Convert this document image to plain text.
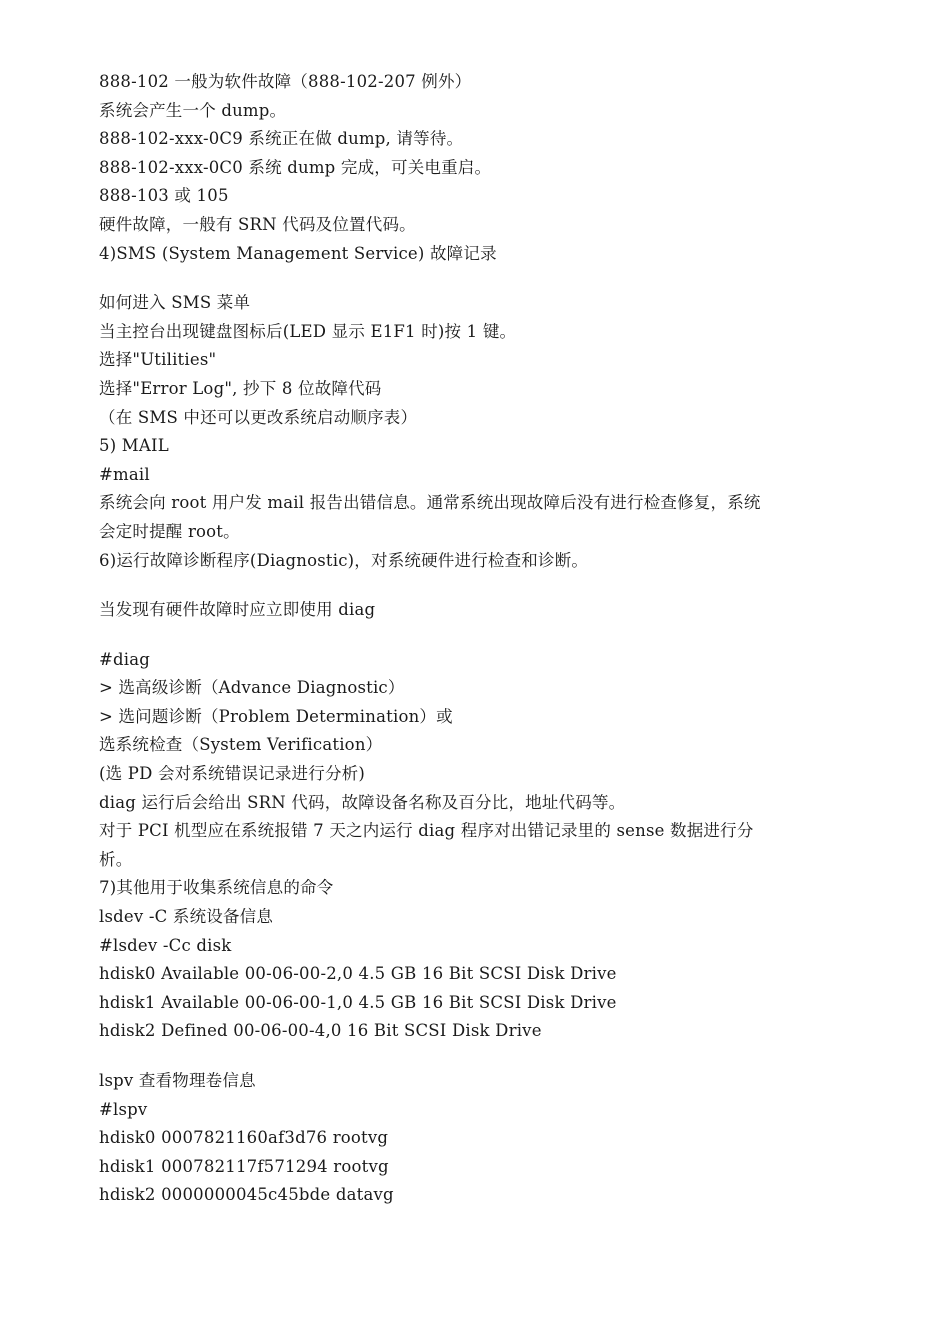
888-102 一般为软件故障（888-102-207 例外）
系统会产生一个 dump。
888-102-xxx-0C9 系统正在做 dump, 请等待。
888-102-xxx-0C0 系统 dump 完成，可关电重启。
888-103 或 105
硬件故障，一般有 SRN 代码及位置代码。
4)SMS (System Management Service) 故障记录
如何进入 SMS 菜单
当主控台出现键盘图标后(LED 显示 E1F1 时)按 1 键。
选择"Utilities"
选择"Error Log", 抄下 8 位故障代码
（在 SMS 中还可以更改系统启动顺序表）
5) MAIL
#mail
系统会向 root 用户发 mail 报告出错信息。通常系统出现故障后没有进行检查修复，系统
会定时提醒 root。
6)运行故障诊断程序(Diagnostic)，对系统硬件进行检查和诊断。
当发现有硬件故障时应立即使用 diag
#diag
> 选高级诊断（Advance Diagnostic）
> 选问题诊断（Problem Determination）或
选系统检查（System Verification）
(选 PD 会对系统错误记录进行分析)
diag 运行后会给出 SRN 代码，故障设备名称及百分比，地址代码等。
对于 PCI 机型应在系统报错 7 天之内运行 diag 程序对出错记录里的 sense 数据进行分
析。
7)其他用于收集系统信息的命令
lsdev -C 系统设备信息
#lsdev -Cc disk
hdisk0 Available 00-06-00-2,0 4.5 GB 16 Bit SCSI Disk Drive
hdisk1 Available 00-06-00-1,0 4.5 GB 16 Bit SCSI Disk Drive
hdisk2 Defined 00-06-00-4,0 16 Bit SCSI Disk Drive
lspv 查看物理卷信息
#lspv
hdisk0 0007821160af3d76 rootvg
hdisk1 000782117f571294 rootvg
hdisk2 0000000045c45bde datavg
